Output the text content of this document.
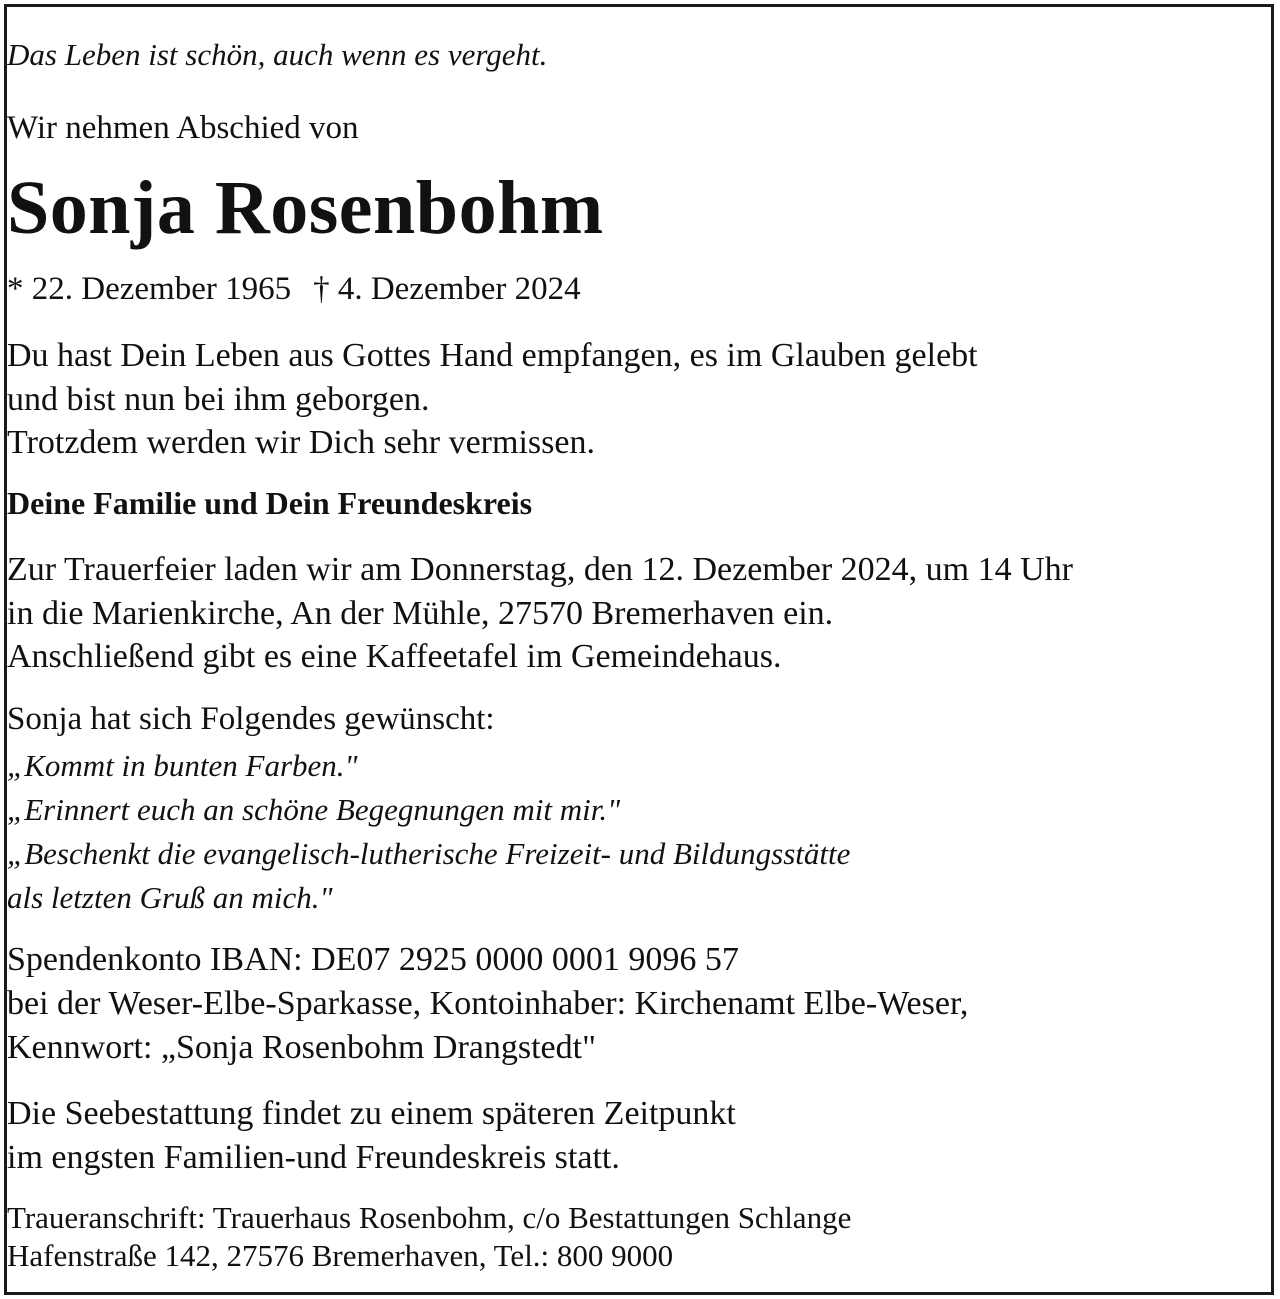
Das Leben ist schön, auch wenn es vergeht.
Wir nehmen Abschied von
Sonja Rosenbohm
* 22. Dezember 1965 † 4. Dezember 2024
Du hast Dein Leben aus Gottes Hand empfangen, es im Glauben gelebt
und bist nun bei ihm geborgen.
Trotzdem werden wir Dich sehr vermissen.
Deine Familie und Dein Freundeskreis
Zur Trauerfeier laden wir am Donnerstag, den 12. Dezember 2024, um 14 Uhr
in die Marienkirche, An der Mühle, 27570 Bremerhaven ein.
Anschließend gibt es eine Kaffeetafel im Gemeindehaus.
Sonja hat sich Folgendes gewünscht:
„Kommt in bunten Farben."
„Erinnert euch an schöne Begegnungen mit mir."
„Beschenkt die evangelisch-lutherische Freizeit- und Bildungsstätte
als letzten Gruß an mich."
Spendenkonto IBAN: DE07 2925 0000 0001 9096 57
bei der Weser-Elbe-Sparkasse, Kontoinhaber: Kirchenamt Elbe-Weser,
Kennwort: „Sonja Rosenbohm Drangstedt"
Die Seebestattung findet zu einem späteren Zeitpunkt
im engsten Familien-und Freundeskreis statt.
Traueranschrift: Trauerhaus Rosenbohm, c/o Bestattungen Schlange
Hafenstraße 142, 27576 Bremerhaven, Tel.: 800 9000
